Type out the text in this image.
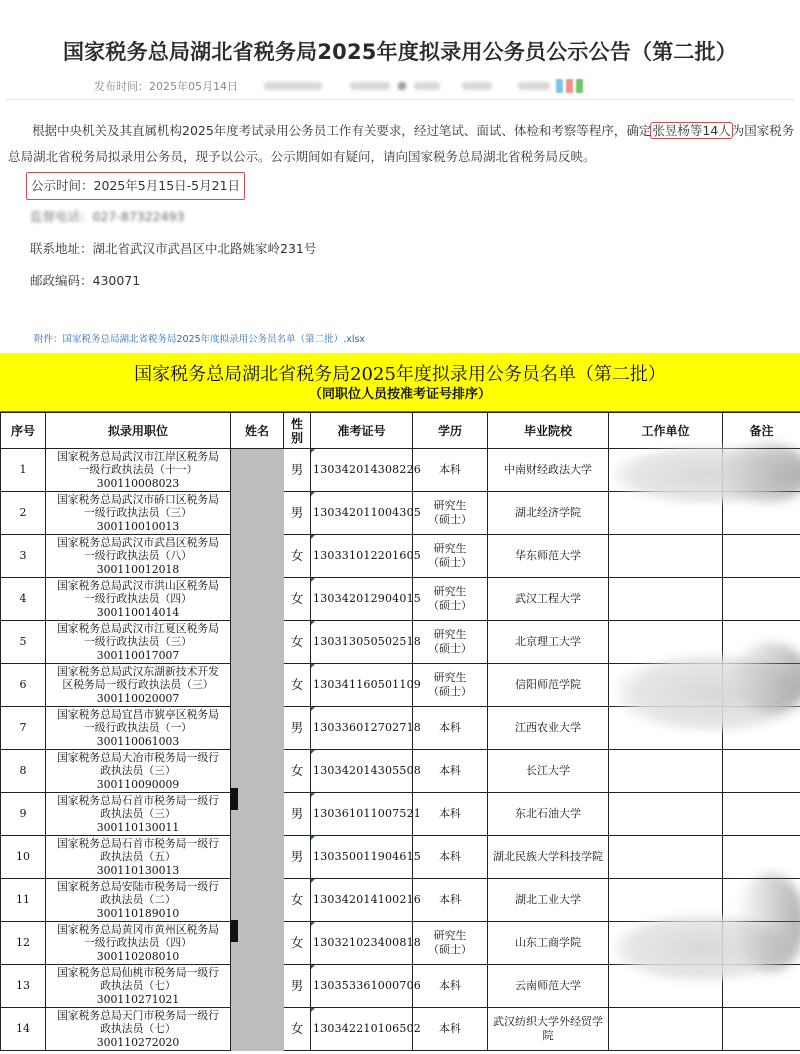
国家税务总局湖北省税务局2025年度拟录用公务员公示公告（第二批）
发布时间： 2025年05月14日

根据中央机关及其直属机构2025年度考试录用公务员工作有关要求，经过笔试、面试、体检和考察等程序，确定张昱杨等14人为国家税务总局湖北省税务局拟录用公务员，现予以公示。公示期间如有疑问，请向国家税务总局湖北省税务局反映。

公示时间：2025年5月15日-5月21日

监督电话：027-87322493

联系地址：湖北省武汉市武昌区中北路姚家岭231号

邮政编码：430071

附件：国家税务总局湖北省税务局2025年度拟录用公务员名单（第二批）.xlsx
国家税务总局湖北省税务局2025年度拟录用公务员名单（第二批）
（同职位人员按准考证号排序）
序号	拟录用职位	姓名	性别	准考证号	学历	毕业院校	工作单位	备注
1	国家税务总局武汉市江岸区税务局
一级行政执法员（十一）
300110008023		男	130342014308226	本科	中南财经政法大学		
2	国家税务总局武汉市硚口区税务局
一级行政执法员（三）
300110010013		男	130342011004305	研究生（硕士）	湖北经济学院		
3	国家税务总局武汉市武昌区税务局
一级行政执法员（八）
300110012018		女	130331012201605	研究生（硕士）	华东师范大学		
4	国家税务总局武汉市洪山区税务局
一级行政执法员（四）
300110014014		女	130342012904015	研究生（硕士）	武汉工程大学		
5	国家税务总局武汉市江夏区税务局
一级行政执法员（三）
300110017007		女	130313050502518	研究生（硕士）	北京理工大学		
6	国家税务总局武汉东湖新技术开发
区税务局一级行政执法员（三）
300110020007		女	130341160501109	研究生（硕士）	信阳师范学院		
7	国家税务总局宜昌市猇亭区税务局
一级行政执法员（一）
300110061003		男	130336012702718	本科	江西农业大学		
8	国家税务总局大冶市税务局一级行
政执法员（三）
300110090009		女	130342014305508	本科	长江大学		
9	国家税务总局石首市税务局一级行
政执法员（三）
300110130011		男	130361011007521	本科	东北石油大学		
10	国家税务总局石首市税务局一级行
政执法员（五）
300110130013		男	130350011904615	本科	湖北民族大学科技学院		
11	国家税务总局安陆市税务局一级行
政执法员（二）
300110189010		女	130342014100216	本科	湖北工业大学		
12	国家税务总局黄冈市黄州区税务局
一级行政执法员（四）
300110208010		女	130321023400818	研究生（硕士）	山东工商学院		
13	国家税务总局仙桃市税务局一级行
政执法员（七）
300110271021		男	130353361000706	本科	云南师范大学		
14	国家税务总局天门市税务局一级行
政执法员（七）
300110272020		女	130342210106502	本科	武汉纺织大学外经贸学院		
